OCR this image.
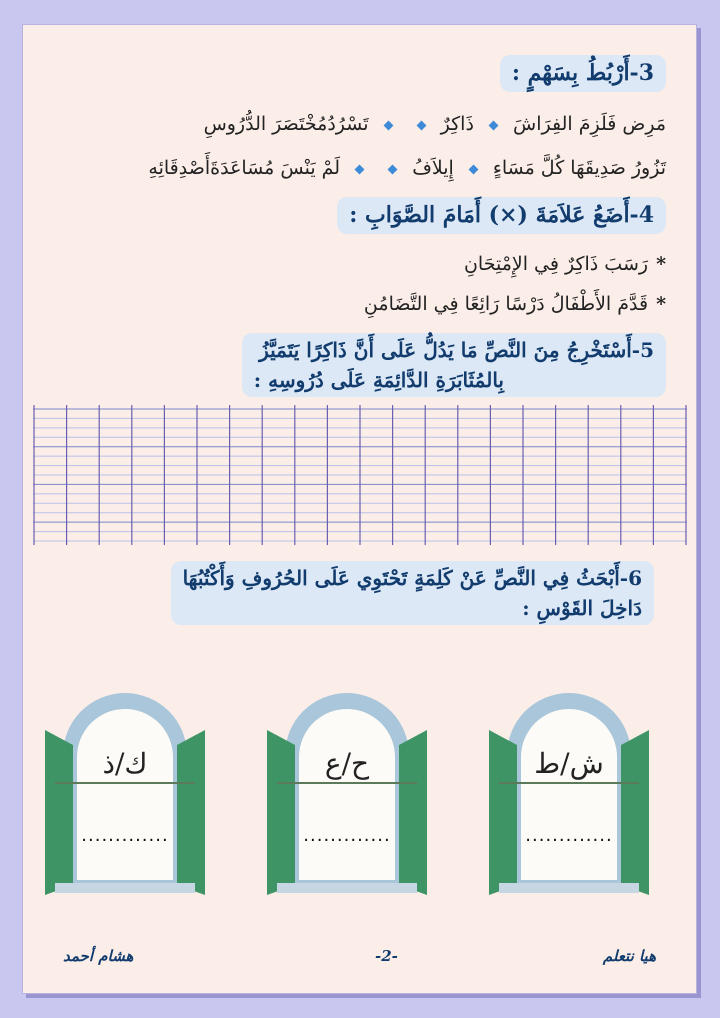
3-أَرْبُطُ بِسَهْمٍ :
مَرِض فَلَزِمَ الفِرَاشَ  ذَاكِرٌ   تَسْرُدُمُخْتَصَرَ الدُّرُوسِ
تَزُورُ صَدِيقَهَا كُلَّ مَسَاءٍ  إِيلاَفُ   لَمْ يَنْسَ مُسَاعَدَةَأَصْدِقَائِهِ
4-أَضَعُ عَلاَمَةَ (×) أَمَامَ الصَّوَابِ :
*رَسَبَ ذَاكِرٌ فِي الإِمْتِحَانِ
*قَدَّمَ الأَطْفَالُ دَرْسًا رَائِعًا فِي التَّضَامُنِ
5-أَسْتَخْرِجُ مِنَ النَّصِّ مَا يَدُلُّ عَلَى أَنَّ ذَاكِرًا يَتَمَيَّزُ
بِالمُثَابَرَةِ الدَّائِمَةِ عَلَى دُرُوسِهِ :
6-أَبْحَثُ فِي النَّصِّ عَنْ كَلِمَةٍ تَحْتَوِي عَلَى الحُرُوفِ وَأَكْتُبُهَا
دَاخِلَ القَوْسِ :
ك/ذ
.............
ح/ع
.............
ش/ط
.............
هشام أحمد	-2-	هيا نتعلم
